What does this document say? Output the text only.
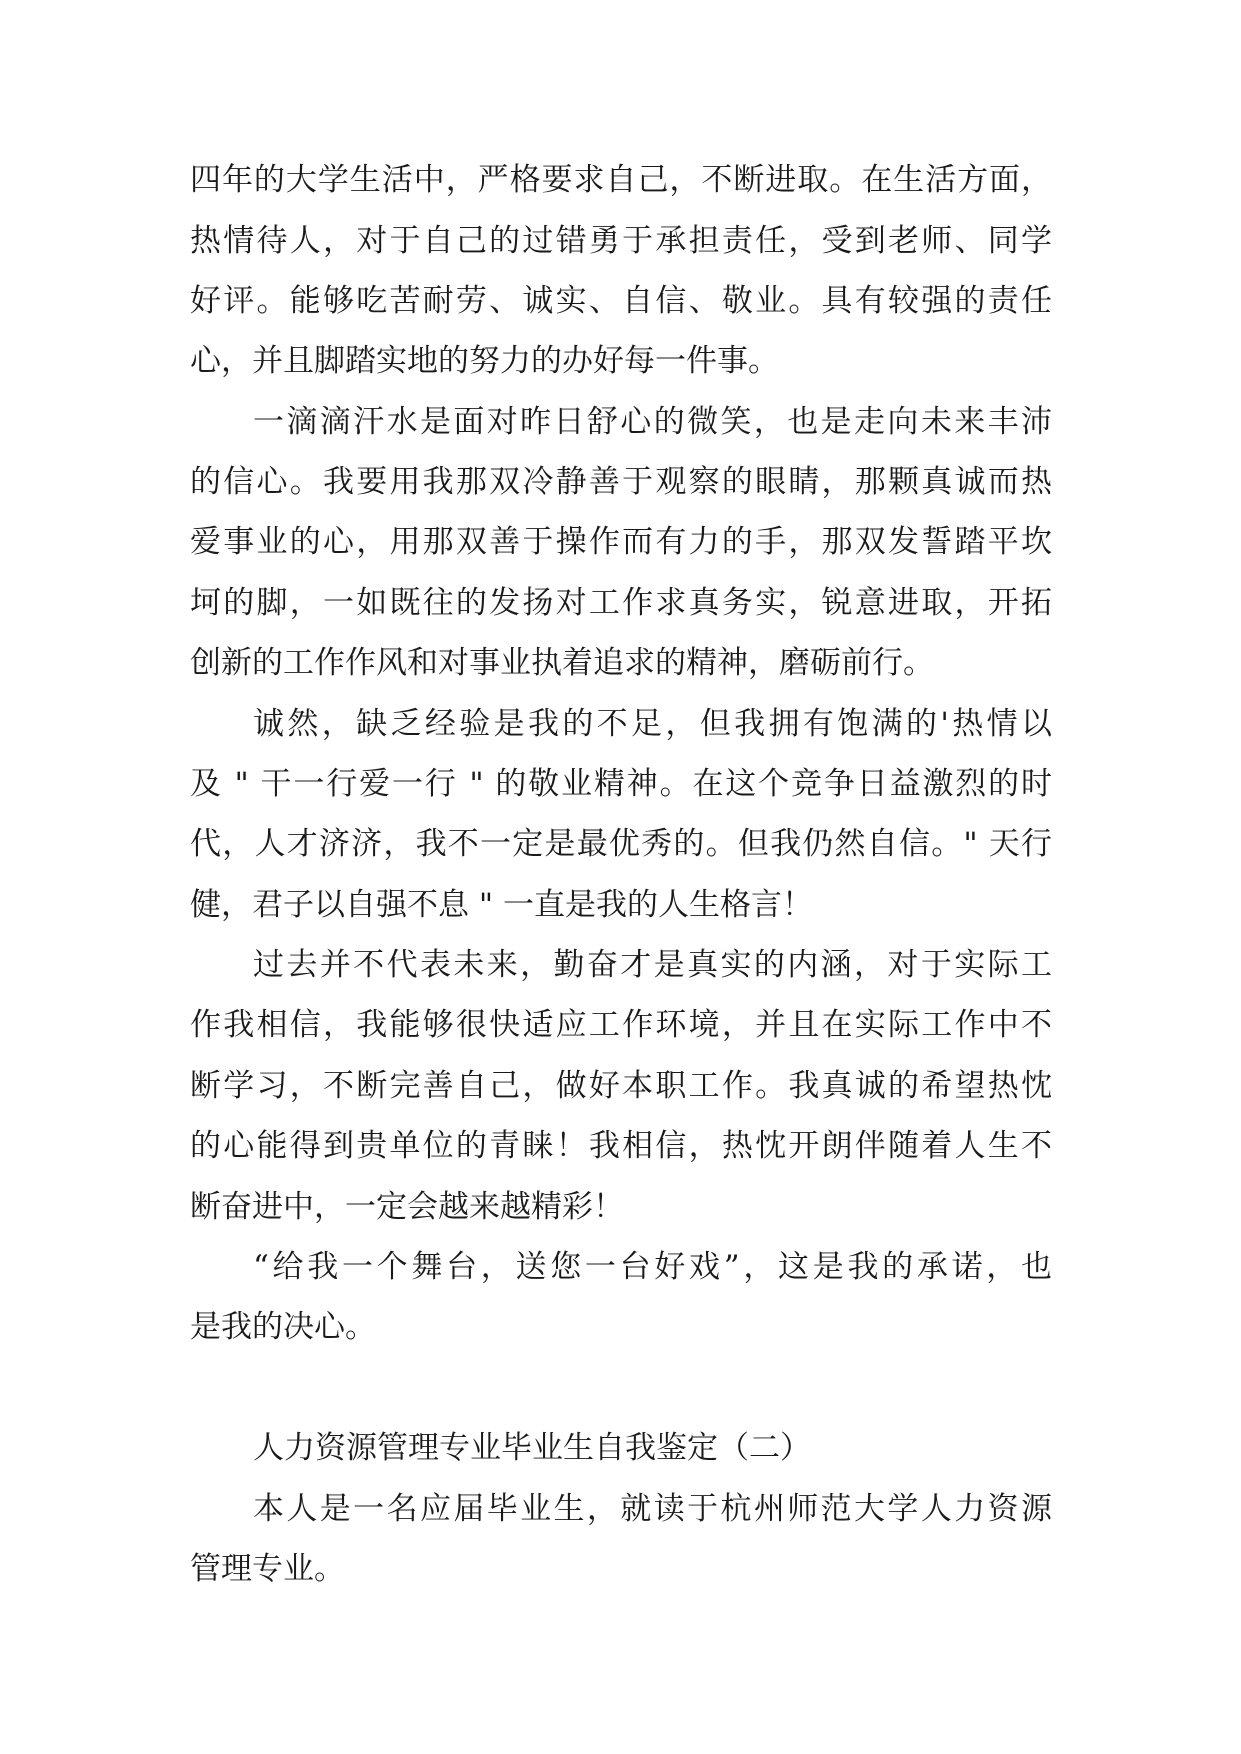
四年的大学生活中，严格要求自己，不断进取。在生活方面，
热情待人，对于自己的过错勇于承担责任，受到老师、同学
好评。能够吃苦耐劳、诚实、自信、敬业。具有较强的责任
心，并且脚踏实地的努力的办好每一件事。
一滴滴汗水是面对昨日舒心的微笑，也是走向未来丰沛
的信心。我要用我那双冷静善于观察的眼睛，那颗真诚而热
爱事业的心，用那双善于操作而有力的手，那双发誓踏平坎
坷的脚，一如既往的发扬对工作求真务实，锐意进取，开拓
创新的工作作风和对事业执着追求的精神，磨砺前行。
诚然，缺乏经验是我的不足，但我拥有饱满的'热情以
及 " 干一行爱一行 " 的敬业精神。在这个竞争日益激烈的时
代，人才济济，我不一定是最优秀的。但我仍然自信。" 天行
健，君子以自强不息 " 一直是我的人生格言！
过去并不代表未来，勤奋才是真实的内涵，对于实际工
作我相信，我能够很快适应工作环境，并且在实际工作中不
断学习，不断完善自己，做好本职工作。我真诚的希望热忱
的心能得到贵单位的青睐！我相信，热忱开朗伴随着人生不
断奋进中，一定会越来越精彩！
“给我一个舞台，送您一台好戏”，这是我的承诺，也
是我的决心。
人力资源管理专业毕业生自我鉴定（二）
本人是一名应届毕业生，就读于杭州师范大学人力资源
管理专业。
